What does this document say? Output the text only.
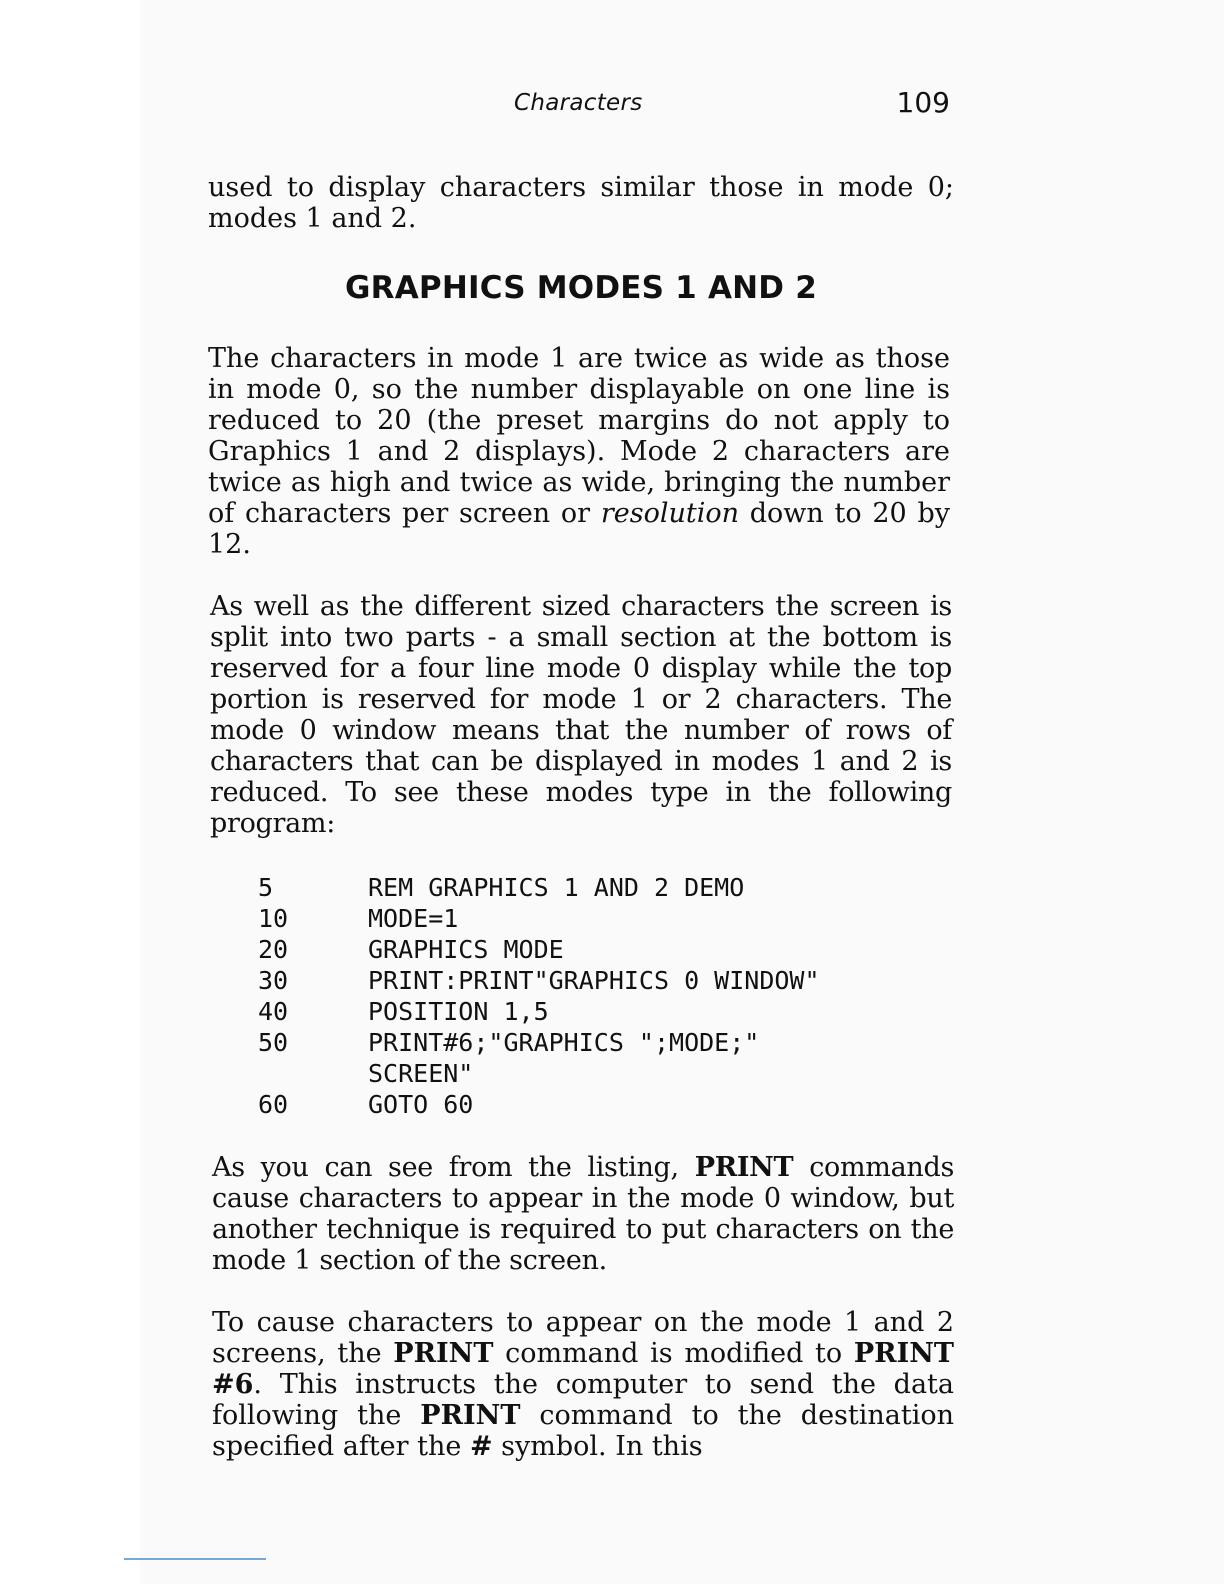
Characters	109

used to display characters similar those in mode 0; modes 1 and 2.

GRAPHICS MODES 1 AND 2

The characters in mode 1 are twice as wide as those in mode 0, so the number displayable on one line is reduced to 20 (the preset margins do not apply to Graphics 1 and 2 displays). Mode 2 characters are twice as high and twice as wide, bringing the number of characters per screen or resolution down to 20 by 12.

As well as the different sized characters the screen is split into two parts - a small section at the bottom is reserved for a four line mode 0 display while the top portion is reserved for mode 1 or 2 characters. The mode 0 window means that the number of rows of characters that can be displayed in modes 1 and 2 is reduced. To see these modes type in the following program:

5	REM GRAPHICS 1 AND 2 DEMO
10	MODE=1
20	GRAPHICS MODE
30	PRINT:PRINT"GRAPHICS 0 WINDOW"
40	POSITION 1,5
50	PRINT#6;"GRAPHICS ";MODE;"
SCREEN"
60	GOTO 60

As you can see from the listing, PRINT commands cause characters to appear in the mode 0 window, but another technique is required to put characters on the mode 1 section of the screen.

To cause characters to appear on the mode 1 and 2 screens, the PRINT command is modified to PRINT #6. This instructs the computer to send the data following the PRINT command to the destination specified after the # symbol. In this
